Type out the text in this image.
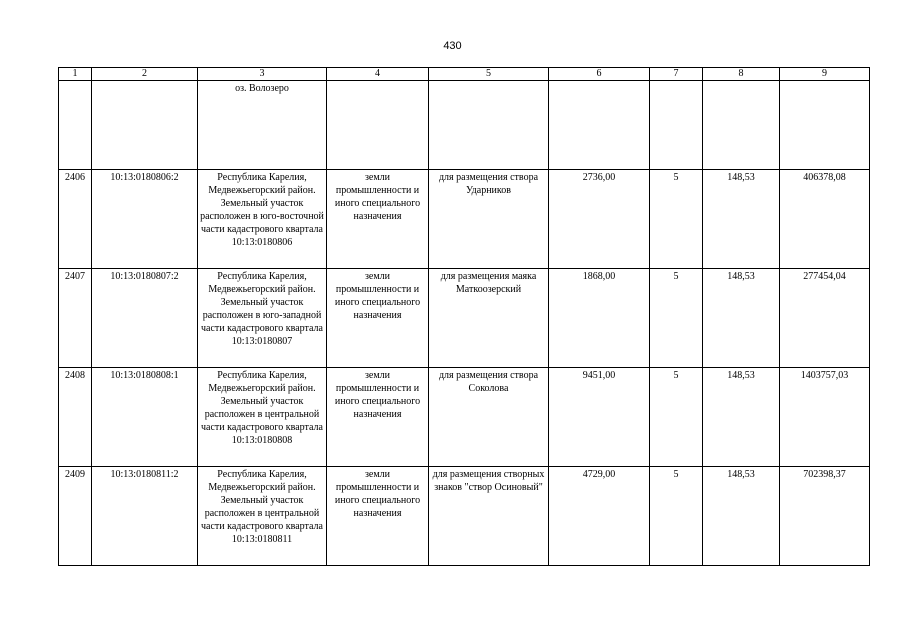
430
1	2	3	4	5	6	7	8	9
		оз. Волозеро						
2406	10:13:0180806:2	Республика Карелия, Медвежьегорский район. Земельный участок расположен в юго-восточной части кадастрового квартала 10:13:0180806	земли промышленности и иного специального назначения	для размещения створа Ударников	2736,00	5	148,53	406378,08
2407	10:13:0180807:2	Республика Карелия, Медвежьегорский район. Земельный участок расположен в юго-западной части кадастрового квартала 10:13:0180807	земли промышленности и иного специального назначения	для размещения маяка Маткоозерский	1868,00	5	148,53	277454,04
2408	10:13:0180808:1	Республика Карелия, Медвежьегорский район. Земельный участок расположен в центральной части кадастрового квартала 10:13:0180808	земли промышленности и иного специального назначения	для размещения створа Соколова	9451,00	5	148,53	1403757,03
2409	10:13:0180811:2	Республика Карелия, Медвежьегорский район. Земельный участок расположен в центральной части кадастрового квартала 10:13:0180811	земли промышленности и иного специального назначения	для размещения створных знаков "створ Осиновый"	4729,00	5	148,53	702398,37
